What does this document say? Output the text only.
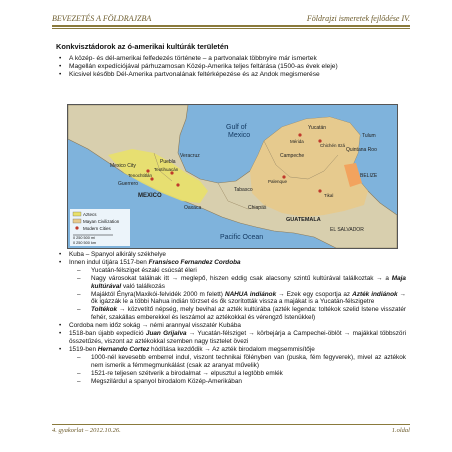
BEVEZETÉS A FÖLDRAJZBA	Földrajzi ismeretek fejlődése IV.
Konkvisztádorok az ó-amerikai kultúrák területén
• A közép- és dél-amerikai felfedezés története – a partvonalak többnyire már ismertek
• Magellán expedíciójával párhuzamosan Közép-Amerika teljes feltárása (1500-as évek eleje)
• Kicsivel később Dél-Amerika partvonalának feltérképezése és az Andok megismerése
Gulf of
Mexico
MEXICO
Pacific Ocean
GUATEMALA
EL SALVADOR
BELIZE
Tulum
Quintana Roo
Yucatán
Campeche
Tabasco
Chiapas
Oaxaca
Puebla
Mexico City
Veracruz
Guerrero
Tenochtitlán
Teotihuacán
Tikal
Palenque
Mérida
Chichén Itzá
Aztecs
Mayan Civilization
Modern Cities
0 250 500 mi
0 250 500 km
• Kuba – Spanyol alkirály székhelye
• Innen indul útjára 1517-ben Fransisco Fernandez Cordoba
– Yucatán-félsziget északi csúcsát éleri
– Nagy város​okat találnak itt → meglepő, hiszen eddig csak alacsony szintű kultúrával találkoztak → a Maja kultúrával való találkozás
– Majáktól Ényra(Maxikói-felvidék 2000 m felett) NAHUA indiánok → Ezek egy csoportja az Azték indiánok → ők igázzák le a többi Nahua indián törzset és ők szorították vissza a majákat is a Yucatán-félszigetre
– Toltékok → közvetítő népség, mely bevihal az azték kultúrába (azték legenda: toltékok szelid Istene visszatér fehér, szakállas emberekkel és leszámol az aztékokkal és vérengző Istenükkel)
• Cordoba nem időz sokág → némi arannyal visszatér Kubába
• 1518-ban újabb expedíció Juan Grijalva → Yucatán-félsziget → körbejárja a Campechei-öblöt → majákkal többszöri összetűzés, viszont az aztékokkal szemben nagy tisztelet övezi
• 1519-ben Hernando Cortez hódítása kezdődik → Az azték birodalom megsemmisítője
– 1000-nél kevesebb emberrel indul, viszont technikai fölényben van (puska, fém fegyverek), mivel az azték​ok nem ismerik a fémmegmunkálást (csak az aranyat művelik)
– 1521-re teljesen szétverik a birodalmat → elpusztul a legtöbb emlék
– Megszilárdul a spanyol birodalom Közép-Amerikában
4. gyakorlat – 2012.10.26.	1.oldal
